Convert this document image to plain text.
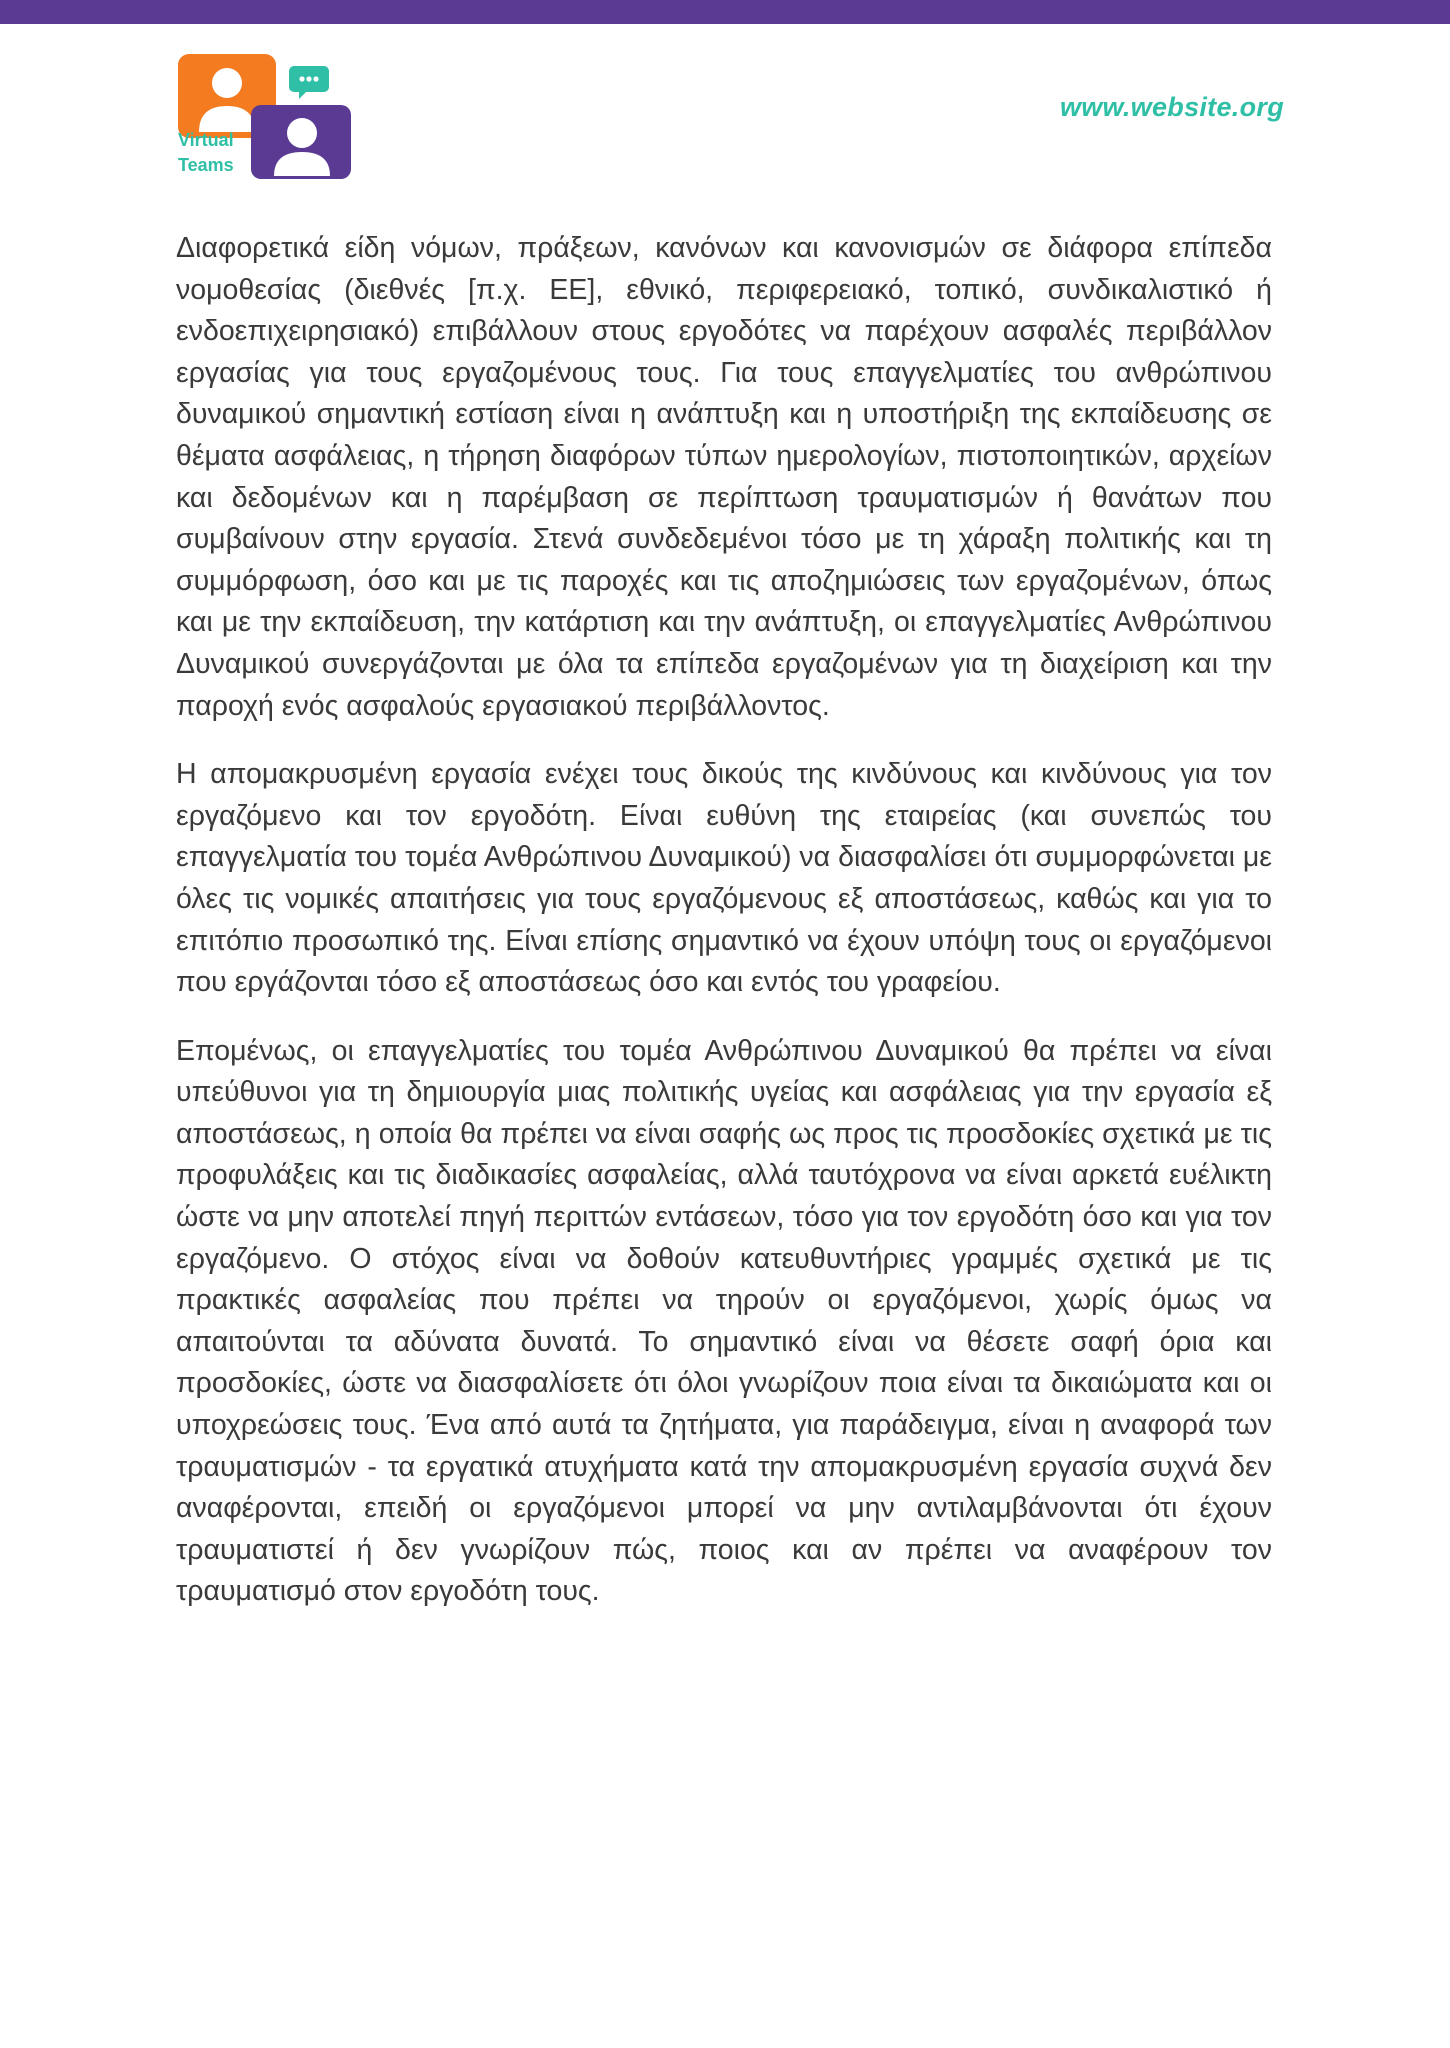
Virtual
Teams
www.website.org

Διαφορετικά είδη νόμων, πράξεων, κανόνων και κανονισμών σε διάφορα επίπεδα νομοθεσίας (διεθνές [π.χ. ΕΕ], εθνικό, περιφερειακό, τοπικό, συνδικαλιστικό ή ενδοεπιχειρησιακό) επιβάλλουν στους εργοδότες να παρέχουν ασφαλές περιβάλλον εργασίας για τους εργαζομένους τους. Για τους επαγγελματίες του ανθρώπινου δυναμικού σημαντική εστίαση είναι η ανάπτυξη και η υποστήριξη της εκπαίδευσης σε θέματα ασφάλειας, η τήρηση διαφόρων τύπων ημερολογίων, πιστοποιητικών, αρχείων και δεδομένων και η παρέμβαση σε περίπτωση τραυματισμών ή θανάτων που συμβαίνουν στην εργασία. Στενά συνδεδεμένοι τόσο με τη χάραξη πολιτικής και τη συμμόρφωση, όσο και με τις παροχές και τις αποζημιώσεις των εργαζομένων, όπως και με την εκπαίδευση, την κατάρτιση και την ανάπτυξη, οι επαγγελματίες Ανθρώπινου Δυναμικού συνεργάζονται με όλα τα επίπεδα εργαζομένων για τη διαχείριση και την παροχή ενός ασφαλούς εργασιακού περιβάλλοντος.

Η απομακρυσμένη εργασία ενέχει τους δικούς της κινδύνους και κινδύνους για τον εργαζόμενο και τον εργοδότη. Είναι ευθύνη της εταιρείας (και συνεπώς του επαγγελματία του τομέα Ανθρώπινου Δυναμικού) να διασφαλίσει ότι συμμορφώνεται με όλες τις νομικές απαιτήσεις για τους εργαζόμενους εξ αποστάσεως, καθώς και για το επιτόπιο προσωπικό της. Είναι επίσης σημαντικό να έχουν υπόψη τους οι εργαζόμενοι που εργάζονται τόσο εξ αποστάσεως όσο και εντός του γραφείου.

Επομένως, οι επαγγελματίες του τομέα Ανθρώπινου Δυναμικού θα πρέπει να είναι υπεύθυνοι για τη δημιουργία μιας πολιτικής υγείας και ασφάλειας για την εργασία εξ αποστάσεως, η οποία θα πρέπει να είναι σαφής ως προς τις προσδοκίες σχετικά με τις προφυλάξεις και τις διαδικασίες ασφαλείας, αλλά ταυτόχρονα να είναι αρκετά ευέλικτη ώστε να μην αποτελεί πηγή περιττών εντάσεων, τόσο για τον εργοδότη όσο και για τον εργαζόμενο. Ο στόχος είναι να δοθούν κατευθυντήριες γραμμές σχετικά με τις πρακτικές ασφαλείας που πρέπει να τηρούν οι εργαζόμενοι, χωρίς όμως να απαιτούνται τα αδύνατα δυνατά. Το σημαντικό είναι να θέσετε σαφή όρια και προσδοκίες, ώστε να διασφαλίσετε ότι όλοι γνωρίζουν ποια είναι τα δικαιώματα και οι υποχρεώσεις τους. Ένα από αυτά τα ζητήματα, για παράδειγμα, είναι η αναφορά των τραυματισμών - τα εργατικά ατυχήματα κατά την απομακρυσμένη εργασία συχνά δεν αναφέρονται, επειδή οι εργαζόμενοι μπορεί να μην αντιλαμβάνονται ότι έχουν τραυματιστεί ή δεν γνωρίζουν πώς, ποιος και αν πρέπει να αναφέρουν τον τραυματισμό στον εργοδότη τους.
